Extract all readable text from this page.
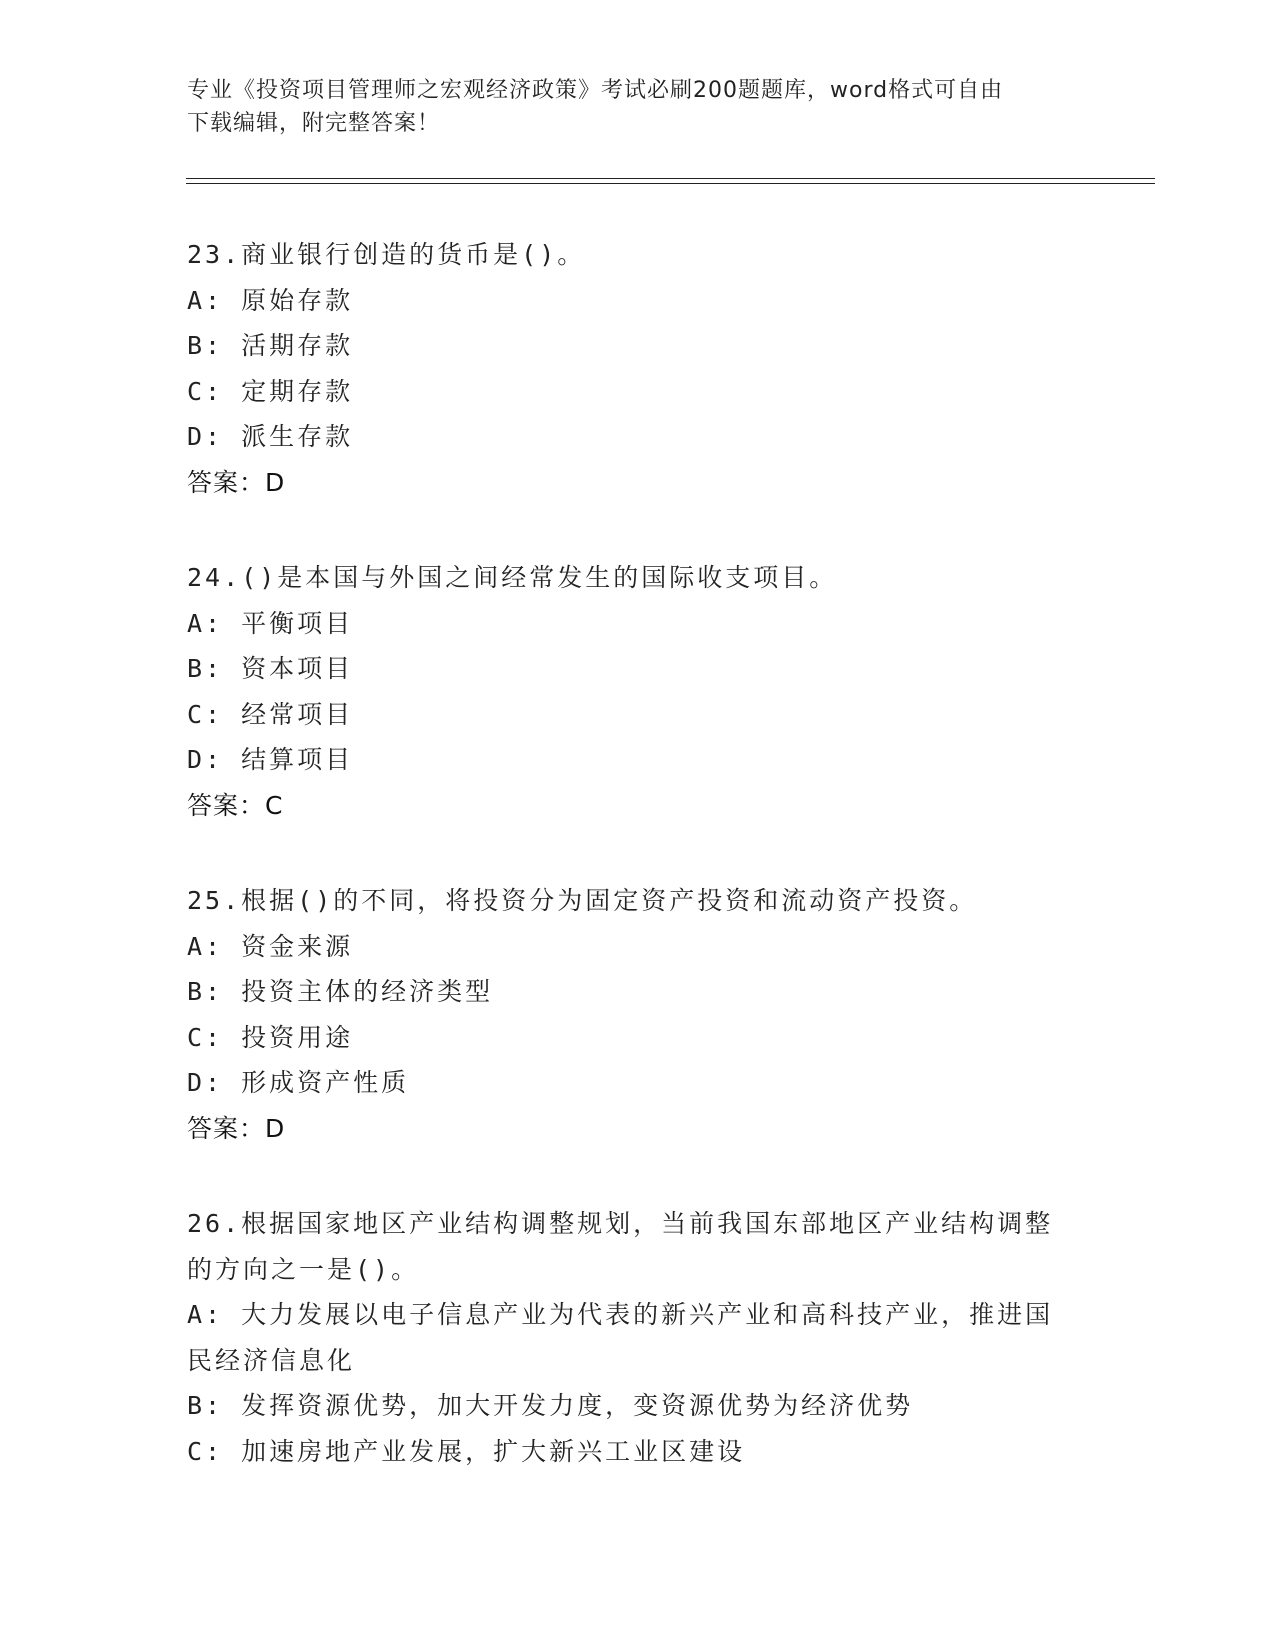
专业《投资项目管理师之宏观经济政策》考试必刷200题题库，word格式可自由

下载编辑，附完整答案！

23.商业银行创造的货币是()。
A: 原始存款
B: 活期存款
C: 定期存款
D: 派生存款
答案：D
24.()是本国与外国之间经常发生的国际收支项目。
A: 平衡项目
B: 资本项目
C: 经常项目
D: 结算项目
答案：C
25.根据()的不同，将投资分为固定资产投资和流动资产投资。
A: 资金来源
B: 投资主体的经济类型
C: 投资用途
D: 形成资产性质
答案：D
26.根据国家地区产业结构调整规划，当前我国东部地区产业结构调整
的方向之一是()。
A: 大力发展以电子信息产业为代表的新兴产业和高科技产业，推进国
民经济信息化
B: 发挥资源优势，加大开发力度，变资源优势为经济优势
C: 加速房地产业发展，扩大新兴工业区建设
